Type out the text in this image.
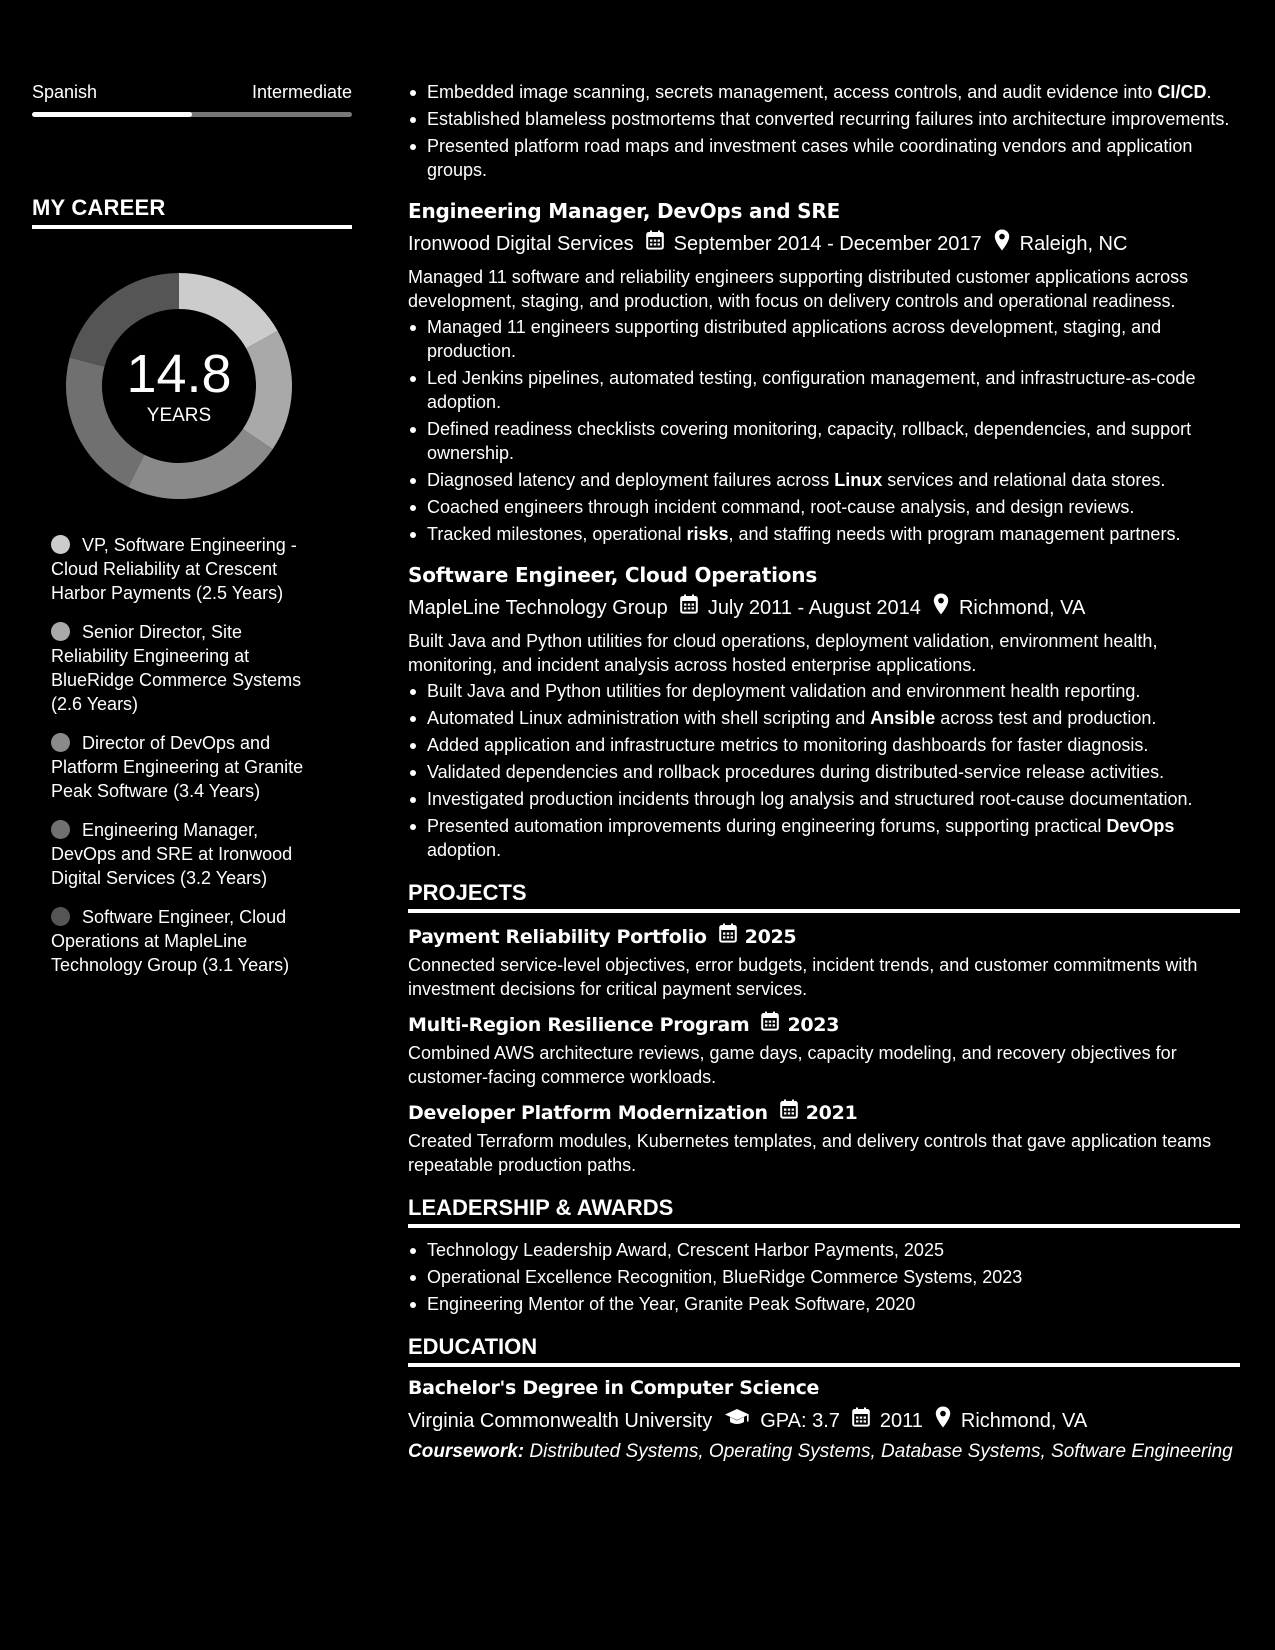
Spanish	Intermediate
MY CAREER
14.8
YEARS
VP, Software Engineering - Cloud Reliability at Crescent Harbor Payments (2.5 Years)
Senior Director, Site Reliability Engineering at BlueRidge Commerce Systems (2.6 Years)
Director of DevOps and Platform Engineering at Granite Peak Software (3.4 Years)
Engineering Manager, DevOps and SRE at Ironwood Digital Services (3.2 Years)
Software Engineer, Cloud Operations at MapleLine Technology Group (3.1 Years)
Embedded image scanning, secrets management, access controls, and audit evidence into CI/CD.
Established blameless postmortems that converted recurring failures into architecture improvements.
Presented platform road maps and investment cases while coordinating vendors and application groups.
Engineering Manager, DevOps and SRE
Ironwood Digital Services September 2014 - December 2017 Raleigh, NC
Managed 11 software and reliability engineers supporting distributed customer applications across development, staging, and production, with focus on delivery controls and operational readiness.
Managed 11 engineers supporting distributed applications across development, staging, and production.
Led Jenkins pipelines, automated testing, configuration management, and infrastructure-as-code adoption.
Defined readiness checklists covering monitoring, capacity, rollback, dependencies, and support ownership.
Diagnosed latency and deployment failures across Linux services and relational data stores.
Coached engineers through incident command, root-cause analysis, and design reviews.
Tracked milestones, operational risks, and staffing needs with program management partners.
Software Engineer, Cloud Operations
MapleLine Technology Group July 2011 - August 2014 Richmond, VA
Built Java and Python utilities for cloud operations, deployment validation, environment health, monitoring, and incident analysis across hosted enterprise applications.
Built Java and Python utilities for deployment validation and environment health reporting.
Automated Linux administration with shell scripting and Ansible across test and production.
Added application and infrastructure metrics to monitoring dashboards for faster diagnosis.
Validated dependencies and rollback procedures during distributed-service release activities.
Investigated production incidents through log analysis and structured root-cause documentation.
Presented automation improvements during engineering forums, supporting practical DevOps adoption.
PROJECTS
Payment Reliability Portfolio 2025
Connected service-level objectives, error budgets, incident trends, and customer commitments with investment decisions for critical payment services.
Multi-Region Resilience Program 2023
Combined AWS architecture reviews, game days, capacity modeling, and recovery objectives for customer-facing commerce workloads.
Developer Platform Modernization 2021
Created Terraform modules, Kubernetes templates, and delivery controls that gave application teams repeatable production paths.
LEADERSHIP & AWARDS
Technology Leadership Award, Crescent Harbor Payments, 2025
Operational Excellence Recognition, BlueRidge Commerce Systems, 2023
Engineering Mentor of the Year, Granite Peak Software, 2020
EDUCATION
Bachelor's Degree in Computer Science
Virginia Commonwealth University GPA: 3.7 2011 Richmond, VA
Coursework: Distributed Systems, Operating Systems, Database Systems, Software Engineering
